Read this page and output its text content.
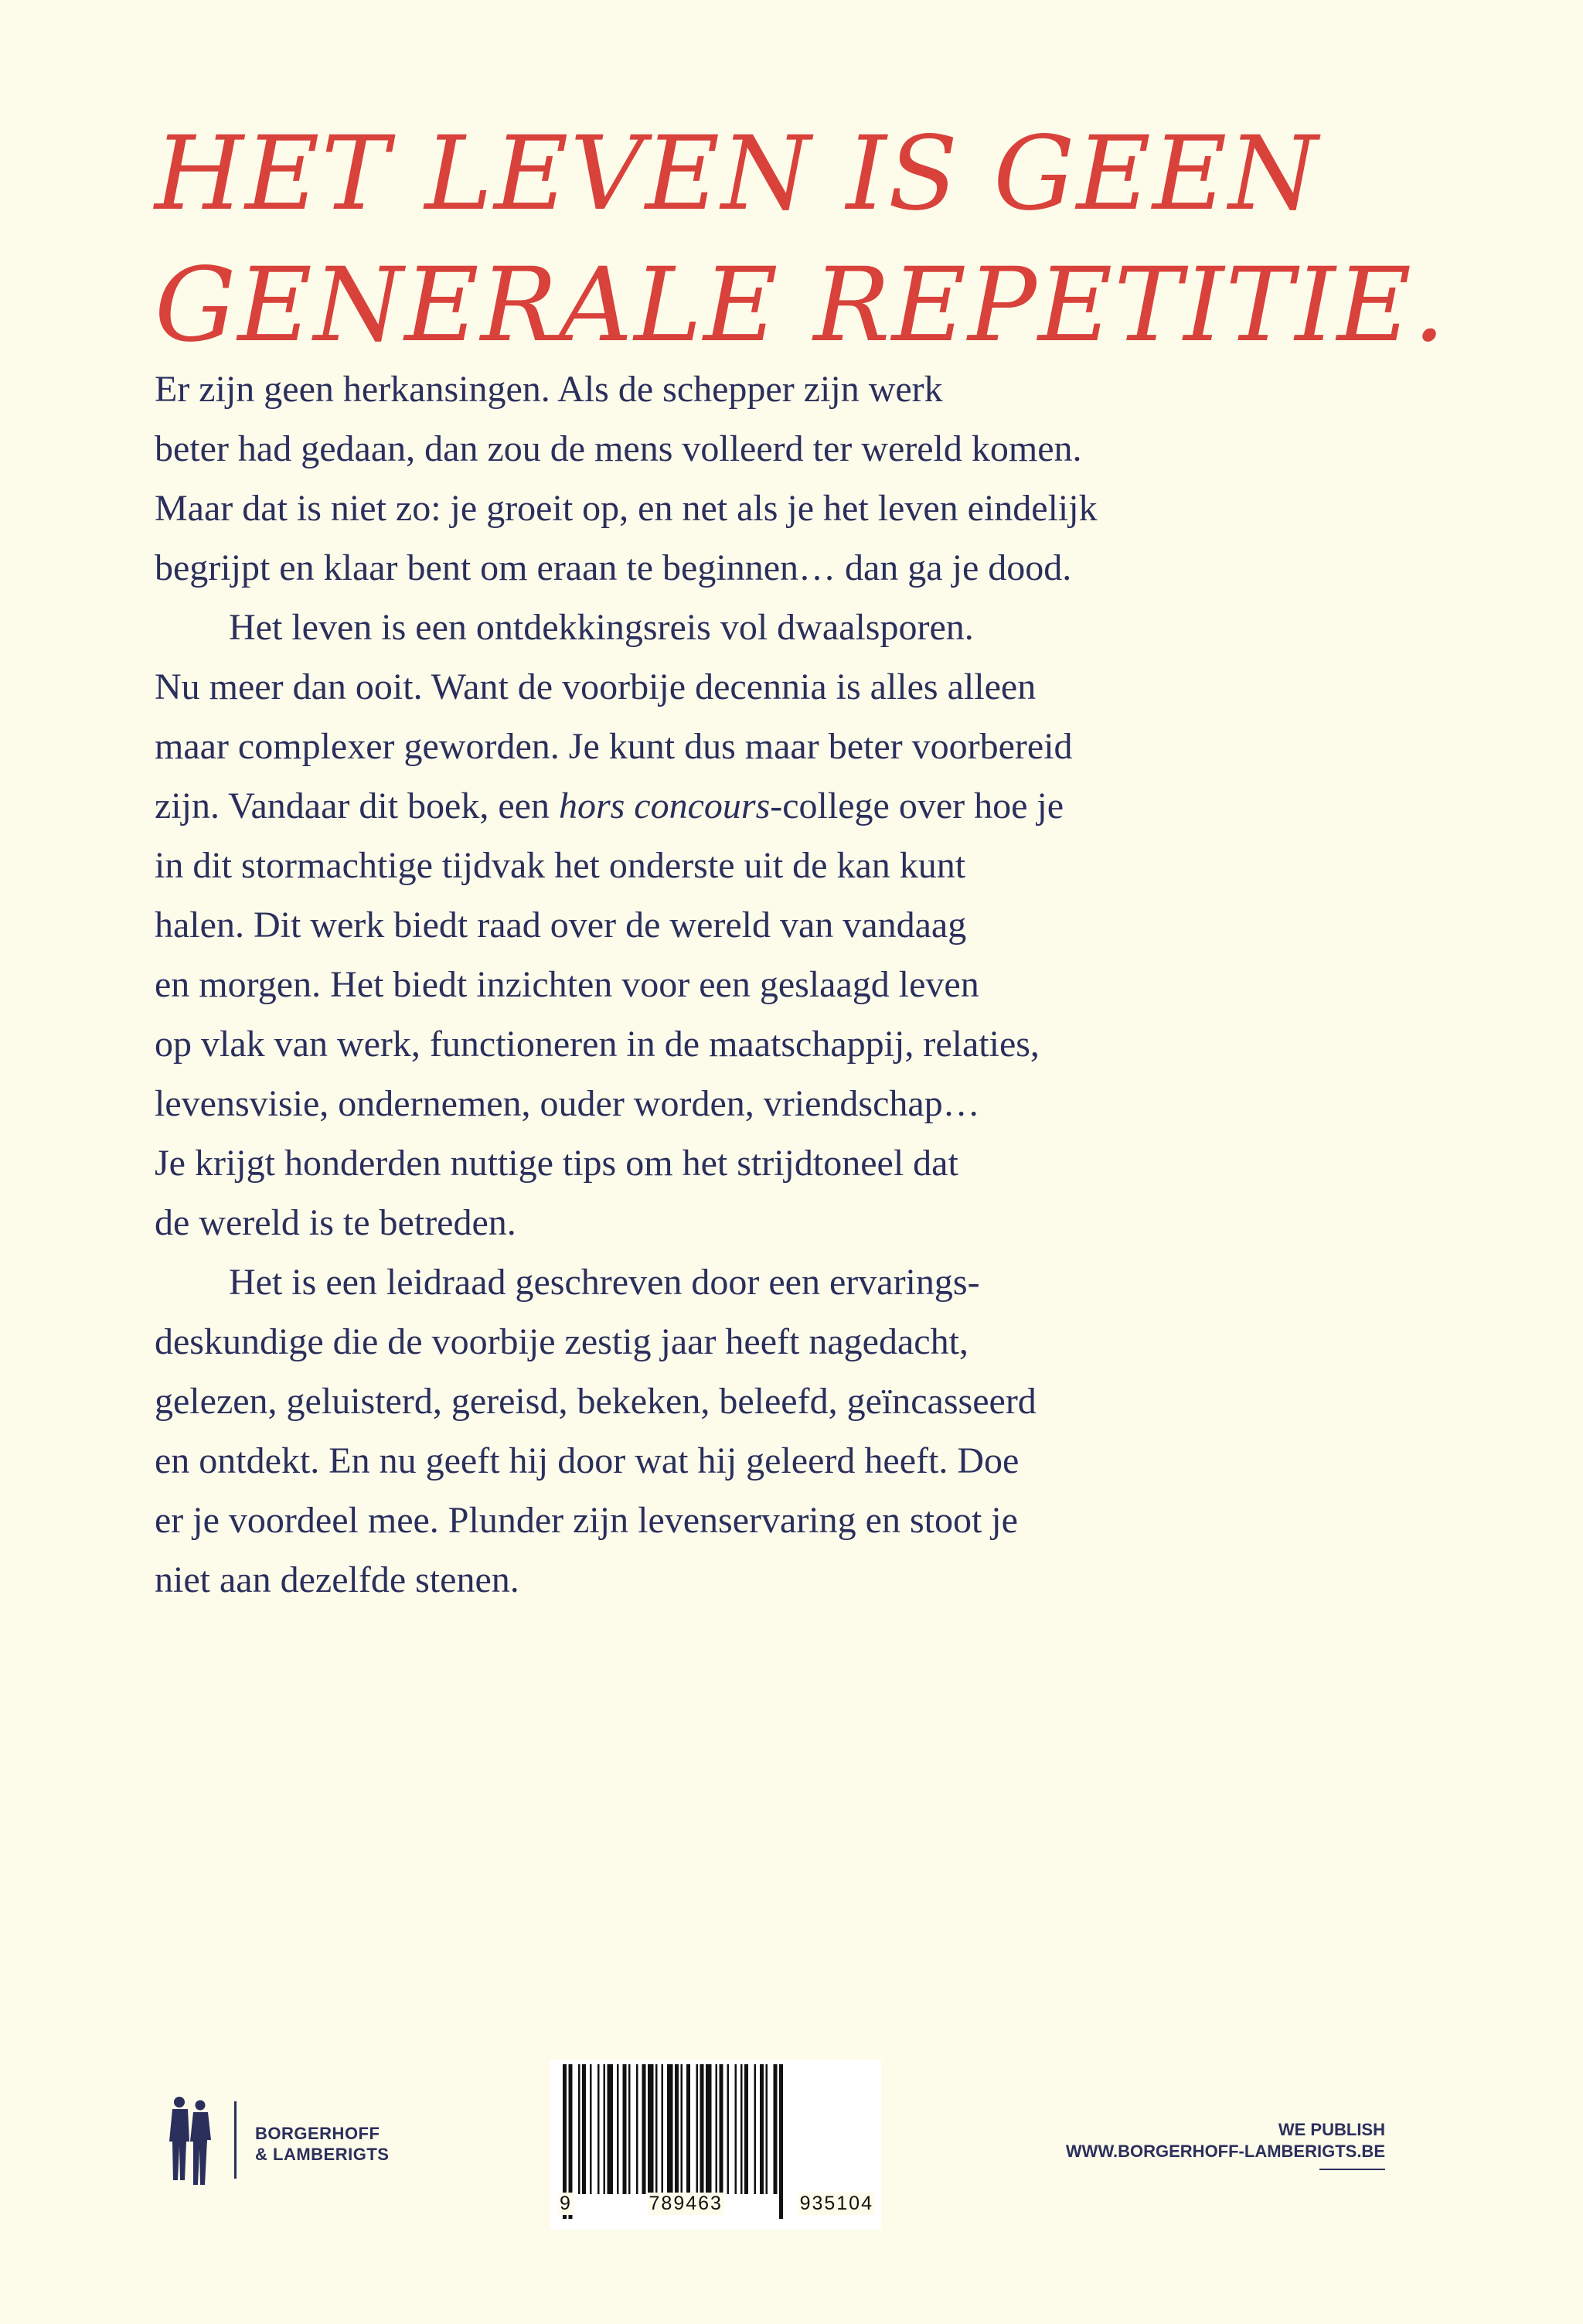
HET LEVEN IS GEEN
GENERALE REPETITIE.
Er zijn geen herkansingen. Als de schepper zijn werk
beter had gedaan, dan zou de mens volleerd ter wereld komen.
Maar dat is niet zo: je groeit op, en net als je het leven eindelijk
begrijpt en klaar bent om eraan te beginnen… dan ga je dood.
Het leven is een ontdekkingsreis vol dwaalsporen.
Nu meer dan ooit. Want de voorbije decennia is alles alleen
maar complexer geworden. Je kunt dus maar beter voorbereid
zijn. Vandaar dit boek, een hors concours-college over hoe je
in dit stormachtige tijdvak het onderste uit de kan kunt
halen. Dit werk biedt raad over de wereld van vandaag
en morgen. Het biedt inzichten voor een geslaagd leven
op vlak van werk, functioneren in de maatschappij, relaties,
levensvisie, ondernemen, ouder worden, vriendschap…
Je krijgt honderden nuttige tips om het strijdtoneel dat
de wereld is te betreden.
Het is een leidraad geschreven door een ervarings-
deskundige die de voorbije zestig jaar heeft nagedacht,
gelezen, geluisterd, gereisd, bekeken, beleefd, geïncasseerd
en ontdekt. En nu geeft hij door wat hij geleerd heeft. Doe
er je voordeel mee. Plunder zijn levenservaring en stoot je
niet aan dezelfde stenen.
BORGERHOFF
& LAMBERIGTS
9	789463	935104
WE PUBLISH
WWW.BORGERHOFF-LAMBERIGTS.BE
